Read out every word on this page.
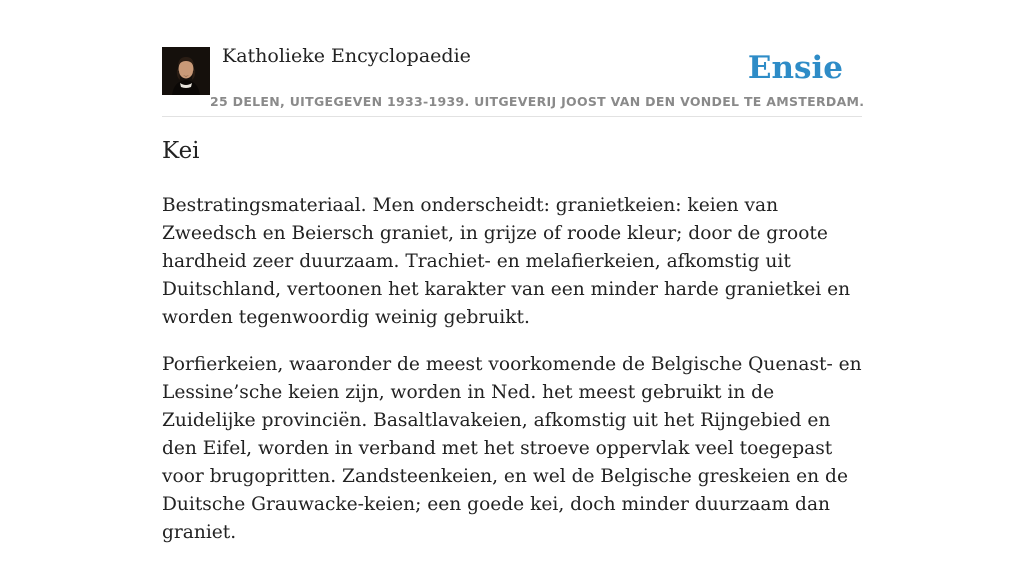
Katholieke Encyclopaedie
25 DELEN, UITGEGEVEN 1933-1939. UITGEVERIJ JOOST VAN DEN VONDEL TE AMSTERDAM.
Ensie
Kei

Bestratingsmateriaal. Men onderscheidt: granietkeien: keien van Zweedsch en Beiersch graniet, in grijze of roode kleur; door de groote hardheid zeer duurzaam. Trachiet- en melafierkeien, afkomstig uit Duitschland, vertoonen het karakter van een minder harde granietkei en worden tegenwoordig weinig gebruikt.

Porfierkeien, waaronder de meest voorkomende de Belgische Quenast- en Lessine’sche keien zijn, worden in Ned. het meest gebruikt in de Zuidelijke provinciën. Basaltlavakeien, afkomstig uit het Rijngebied en den Eifel, worden in verband met het stroeve oppervlak veel toegepast voor brugopritten. Zandsteenkeien, en wel de Belgische greskeien en de Duitsche Grauwacke-keien; een goede kei, doch minder duurzaam dan graniet.
